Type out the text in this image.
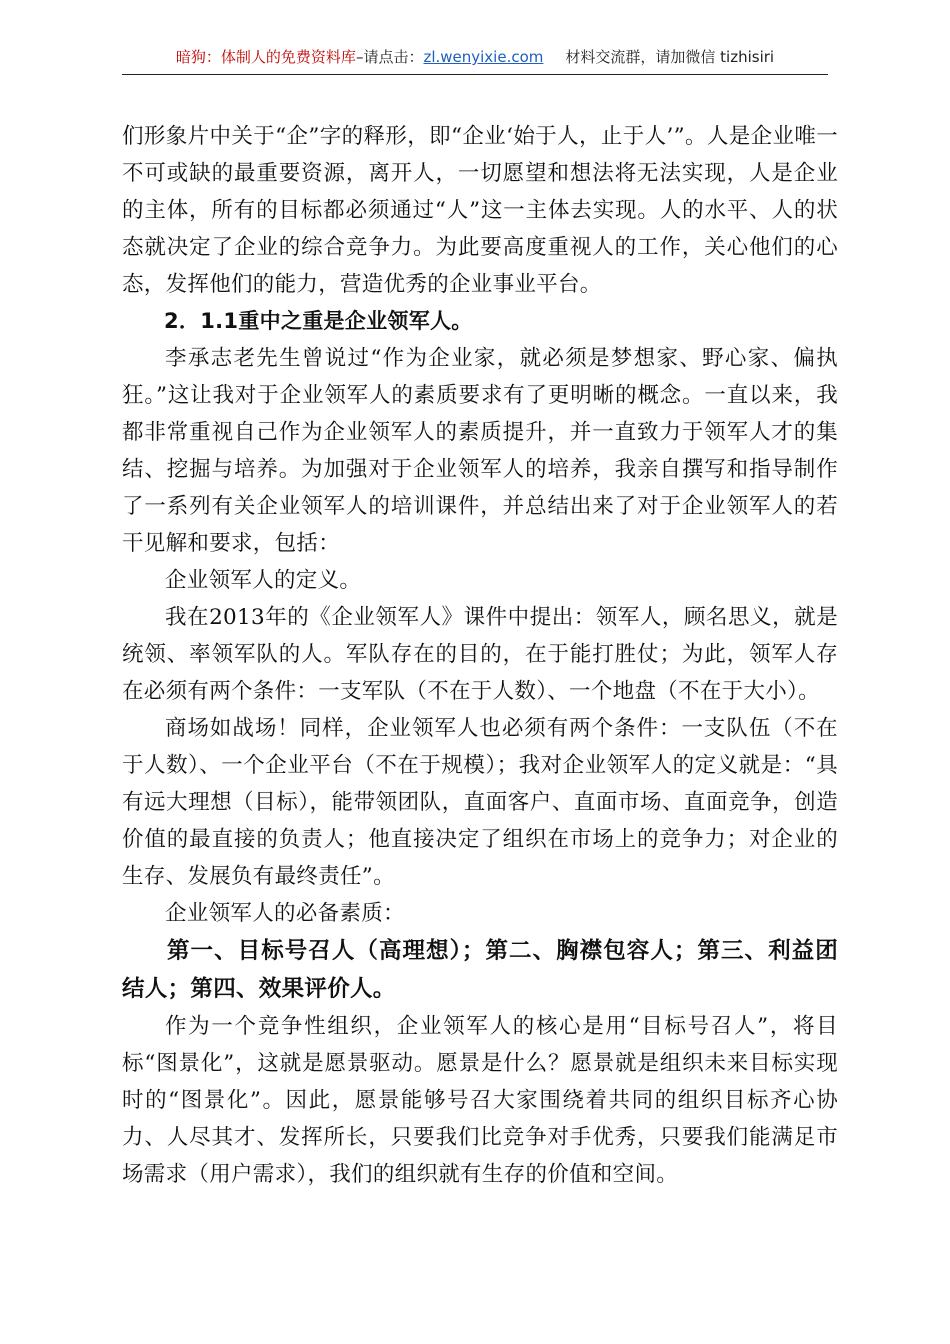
暗狗：体制人的免费资料库–请点击：zl.wenyixie.com 材料交流群，请加微信 tizhisiri

们形象片中关于“企”字的释形，即“企业‘始于人，止于人’”。人是企业唯一不可或缺的最重要资源，离开人，一切愿望和想法将无法实现，人是企业的主体，所有的目标都必须通过“人”这一主体去实现。人的水平、人的状态就决定了企业的综合竞争力。为此要高度重视人的工作，关心他们的心态，发挥他们的能力，营造优秀的企业事业平台。

2．1.1重中之重是企业领军人。

李承志老先生曾说过“作为企业家，就必须是梦想家、野心家、偏执狂。”这让我对于企业领军人的素质要求有了更明晰的概念。一直以来，我都非常重视自己作为企业领军人的素质提升，并一直致力于领军人才的集结、挖掘与培养。为加强对于企业领军人的培养，我亲自撰写和指导制作了一系列有关企业领军人的培训课件，并总结出来了对于企业领军人的若干见解和要求，包括：

企业领军人的定义。

我在2013年的《企业领军人》课件中提出：领军人，顾名思义，就是统领、率领军队的人。军队存在的目的，在于能打胜仗；为此，领军人存在必须有两个条件：一支军队（不在于人数）、一个地盘（不在于大小）。

商场如战场！同样，企业领军人也必须有两个条件：一支队伍（不在于人数）、一个企业平台（不在于规模）；我对企业领军人的定义就是：“具有远大理想（目标），能带领团队，直面客户、直面市场、直面竞争，创造价值的最直接的负责人；他直接决定了组织在市场上的竞争力；对企业的生存、发展负有最终责任”。

企业领军人的必备素质：

第一、目标号召人（高理想）；第二、胸襟包容人；第三、利益团结人；第四、效果评价人。

作为一个竞争性组织，企业领军人的核心是用“目标号召人”，将目标“图景化”，这就是愿景驱动。愿景是什么？愿景就是组织未来目标实现时的“图景化”。因此，愿景能够号召大家围绕着共同的组织目标齐心协力、人尽其才、发挥所长，只要我们比竞争对手优秀，只要我们能满足市场需求（用户需求），我们的组织就有生存的价值和空间。
